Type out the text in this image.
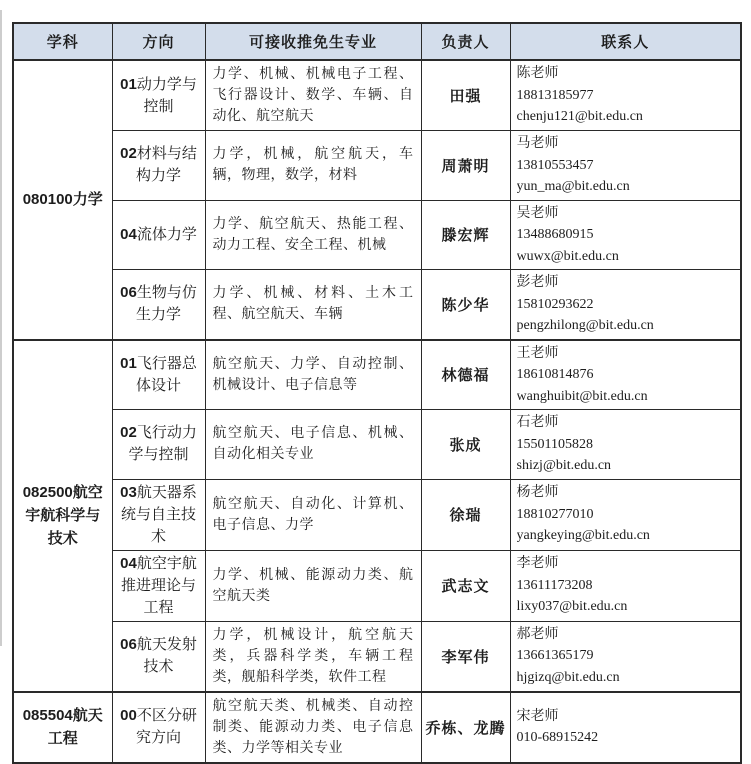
学科	方向	可接收推免生专业	负责人	联系人
080100力学	01动力学与控制	力学、机械、机械电子工程、飞行器设计、数学、车辆、自动化、航空航天	田强	陈老师
18813185977
chenju121@bit.edu.cn

	02材料与结构力学	力学，机械，航空航天，车辆，物理，数学，材料	周萧明	马老师
13810553457
yun_ma@bit.edu.cn

	04流体力学	力学、航空航天、热能工程、动力工程、安全工程、机械	滕宏辉	吴老师
13488680915
wuwx@bit.edu.cn

	06生物与仿生力学	力学、机械、材料、土木工程、航空航天、车辆	陈少华	彭老师
15810293622
pengzhilong@bit.edu.cn

082500航空宇航科学与技术	01飞行器总体设计	航空航天、力学、自动控制、机械设计、电子信息等	林德福	王老师
18610814876
wanghuibit@bit.edu.cn

	02飞行动力学与控制	航空航天、电子信息、机械、自动化相关专业	张成	石老师
15501105828
shizj@bit.edu.cn

	03航天器系统与自主技术	航空航天、自动化、计算机、电子信息、力学	徐瑞	杨老师
18810277010
yangkeying@bit.edu.cn

	04航空宇航推进理论与工程	力学、机械、能源动力类、航空航天类	武志文	李老师
13611173208
lixy037@bit.edu.cn

	06航天发射技术	力学，机械设计，航空航天类，兵器科学类，车辆工程类，舰船科学类，软件工程	李军伟	郝老师
13661365179
hjgizq@bit.edu.cn

085504航天工程	00不区分研究方向	航空航天类、机械类、自动控制类、能源动力类、电子信息类、力学等相关专业	乔栋、龙腾	宋老师
010-68915242
